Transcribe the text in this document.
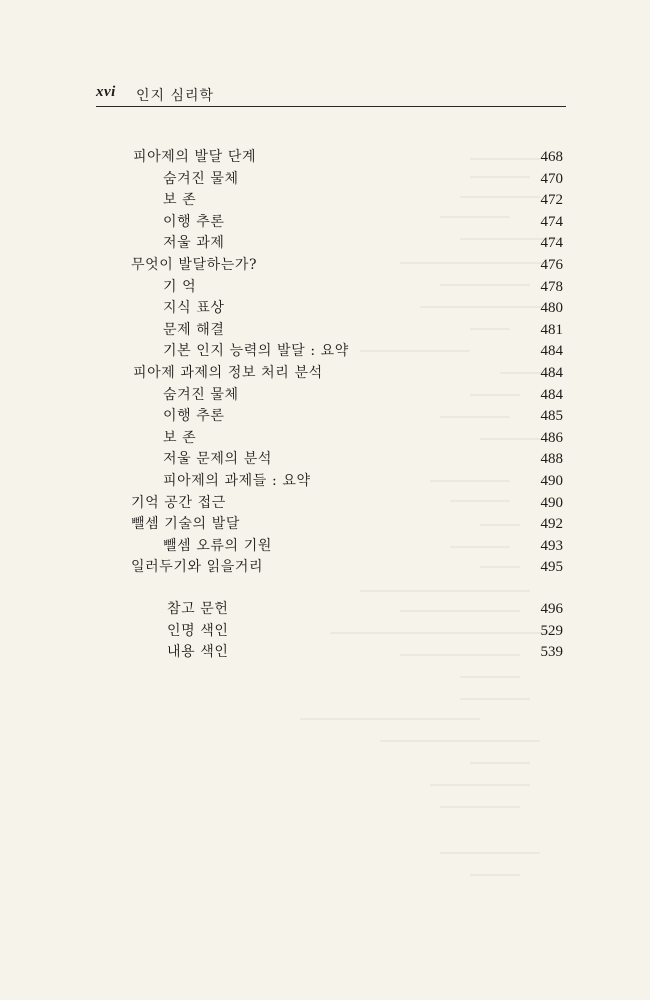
xvi 인지 심리학
피아제의 발달 단계	468
숨겨진 물체	470
보 존	472
이행 추론	474
저울 과제	474
무엇이 발달하는가?	476
기 억	478
지식 표상	480
문제 해결	481
기본 인지 능력의 발달 : 요약	484
피아제 과제의 정보 처리 분석	484
숨겨진 물체	484
이행 추론	485
보 존	486
저울 문제의 분석	488
피아제의 과제들 : 요약	490
기억 공간 접근	490
뺄셈 기술의 발달	492
뺄셈 오류의 기원	493
일러두기와 읽을거리	495
참고 문헌	496
인명 색인	529
내용 색인	539
